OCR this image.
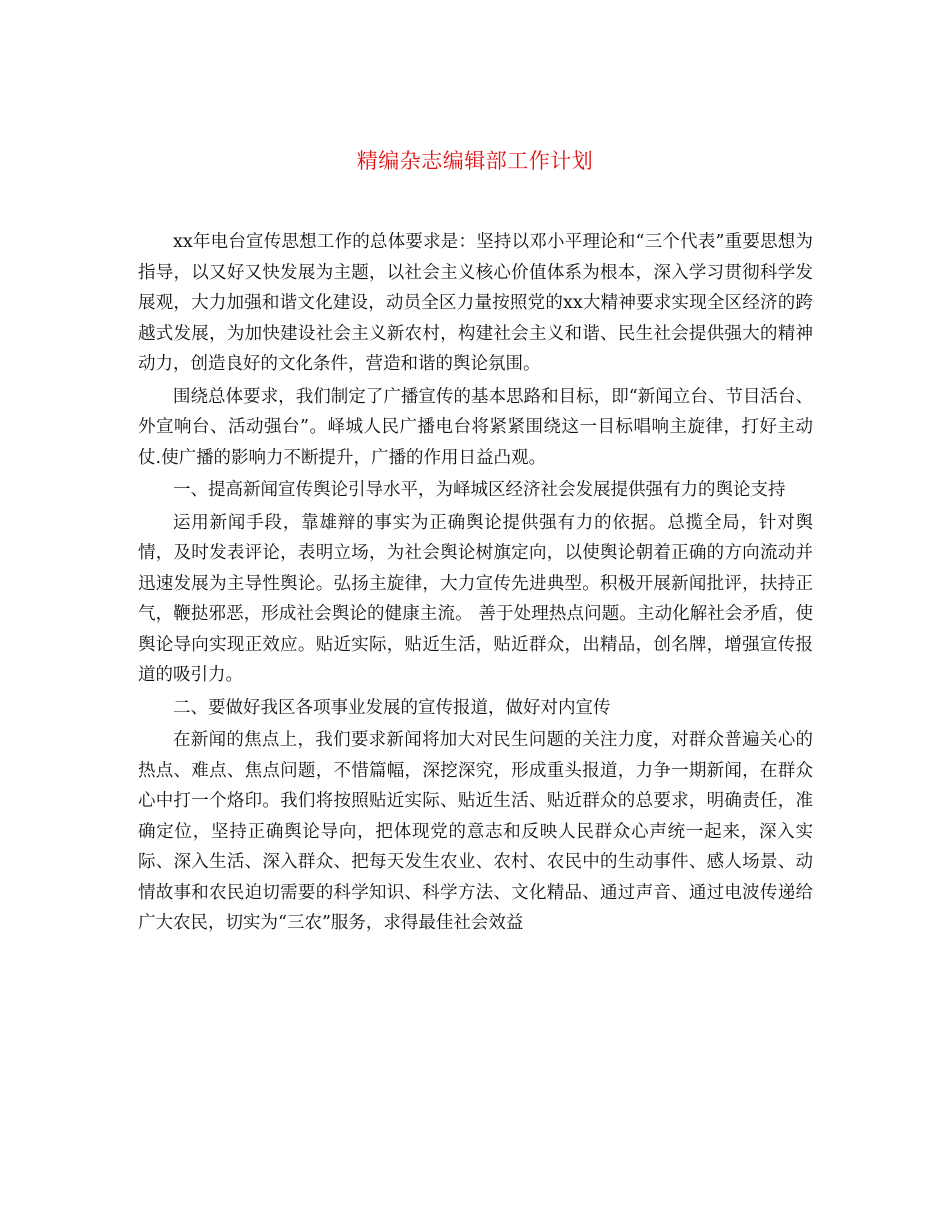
精编杂志编辑部工作计划

xx年电台宣传思想工作的总体要求是：坚持以邓小平理论和“三个代表”重要思想为指导，以又好又快发展为主题，以社会主义核心价值体系为根本，深入学习贯彻科学发展观，大力加强和谐文化建设，动员全区力量按照党的xx大精神要求实现全区经济的跨越式发展，为加快建设社会主义新农村，构建社会主义和谐、民生社会提供强大的精神动力，创造良好的文化条件，营造和谐的舆论氛围。

围绕总体要求，我们制定了广播宣传的基本思路和目标，即“新闻立台、节目活台、外宣响台、活动强台”。峄城人民广播电台将紧紧围绕这一目标唱响主旋律，打好主动仗.使广播的影响力不断提升，广播的作用日益凸观。

一、提高新闻宣传舆论引导水平，为峄城区经济社会发展提供强有力的舆论支持

运用新闻手段，靠雄辩的事实为正确舆论提供强有力的依据。总揽全局，针对舆情，及时发表评论，表明立场，为社会舆论树旗定向，以使舆论朝着正确的方向流动并迅速发展为主导性舆论。弘扬主旋律，大力宣传先进典型。积极开展新闻批评，扶持正气，鞭挞邪恶，形成社会舆论的健康主流。 善于处理热点问题。主动化解社会矛盾，使舆论导向实现正效应。贴近实际，贴近生活，贴近群众，出精品，创名牌，增强宣传报道的吸引力。

二、要做好我区各项事业发展的宣传报道，做好对内宣传

在新闻的焦点上，我们要求新闻将加大对民生问题的关注力度，对群众普遍关心的热点、难点、焦点问题，不惜篇幅，深挖深究，形成重头报道，力争一期新闻，在群众心中打一个烙印。我们将按照贴近实际、贴近生活、贴近群众的总要求，明确责任，准确定位，坚持正确舆论导向，把体现党的意志和反映人民群众心声统一起来，深入实际、深入生活、深入群众、把每天发生农业、农村、农民中的生动事件、感人场景、动情故事和农民迫切需要的科学知识、科学方法、文化精品、通过声音、通过电波传递给广大农民，切实为“三农”服务，求得最佳社会效益
